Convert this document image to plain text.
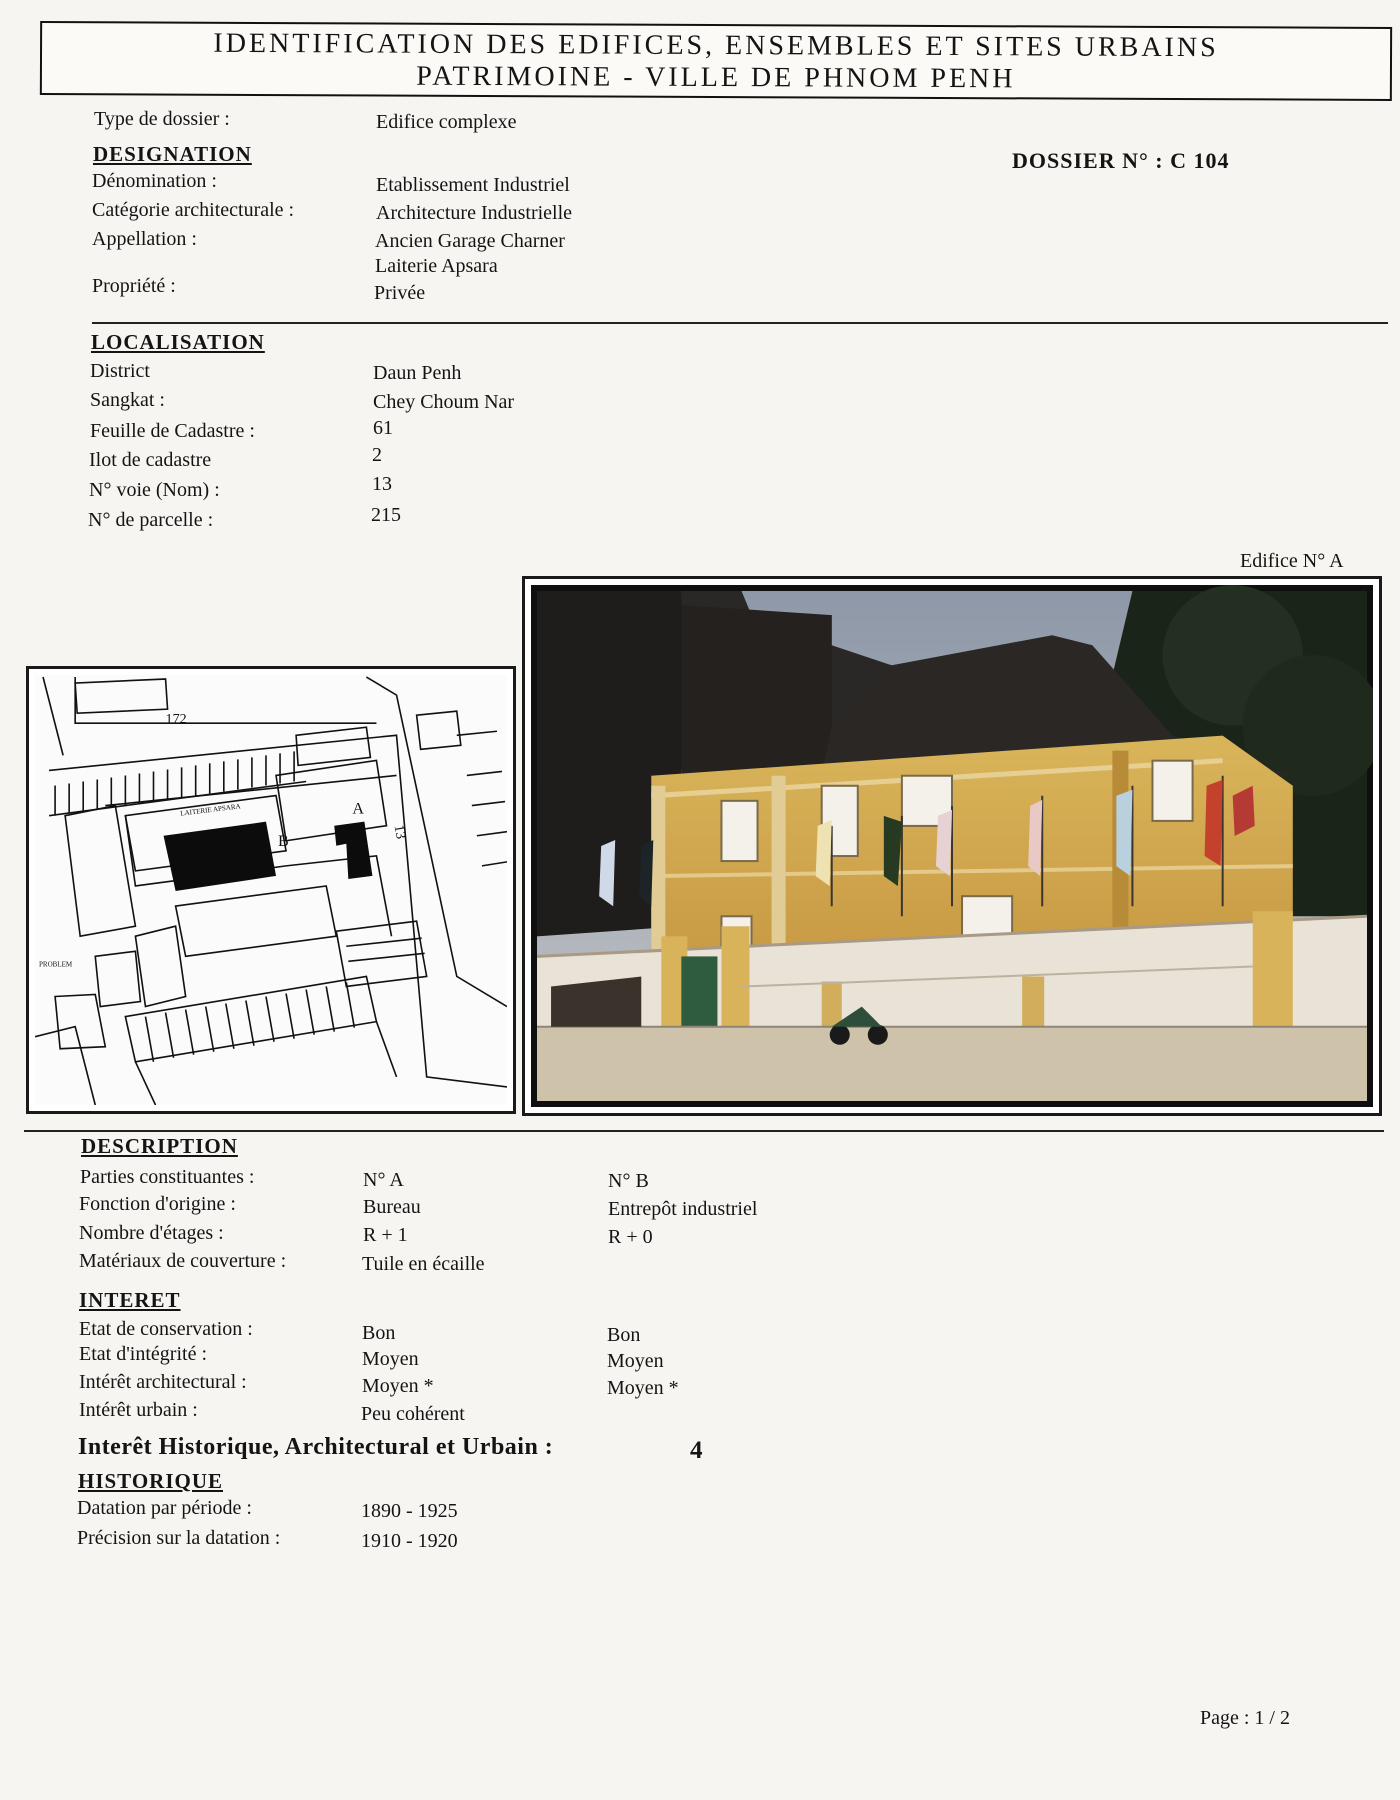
IDENTIFICATION DES EDIFICES, ENSEMBLES ET SITES URBAINS
PATRIMOINE - VILLE DE PHNOM PENH
Type de dossier :	Edifice complexe
DOSSIER N° : C 104
DESIGNATION
Dénomination :	Etablissement Industriel
Catégorie architecturale :	Architecture Industrielle
Appellation :	Ancien Garage Charner
Laiterie Apsara
Propriété :	Privée
LOCALISATION
District	Daun Penh
Sangkat :	Chey Choum Nar
Feuille de Cadastre :	61
Ilot de cadastre	2
N° voie (Nom) :	13
N° de parcelle :	215
Edifice N° A
172
13
A
B
LAITERIE APSARA
PROBLEM
DESCRIPTION
Parties constituantes :	N° A	N° B
Fonction d'origine :	Bureau	Entrepôt industriel
Nombre d'étages :	R + 1	R + 0
Matériaux de couverture :	Tuile en écaille
INTERET
Etat de conservation :	Bon	Bon
Etat d'intégrité :	Moyen	Moyen
Intérêt architectural :	Moyen *	Moyen *
Intérêt urbain :	Peu cohérent
Interêt Historique, Architectural et Urbain :	4
HISTORIQUE
Datation par période :	1890 - 1925
Précision sur la datation :	1910 - 1920
Page : 1 / 2
